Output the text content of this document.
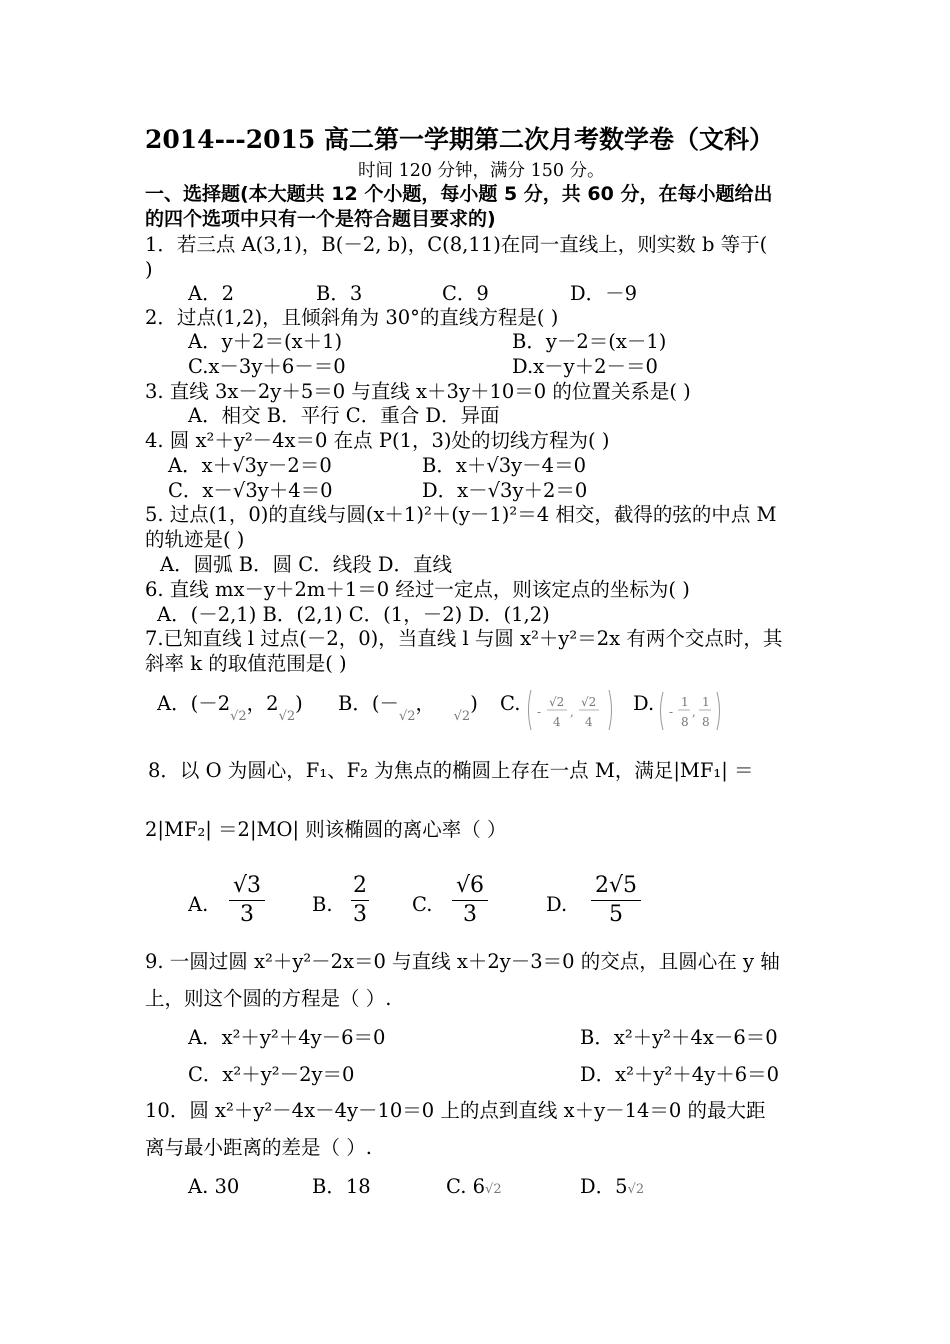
2014---2015 高二第一学期第二次月考数学卷（文科）
时间 120 分钟，满分 150 分。
一、选择题(本大题共 12 个小题，每小题 5 分，共 60 分，在每小题给出
的四个选项中只有一个是符合题目要求的)
1．若三点 A(3,1)，B(－2, b)，C(8,11)在同一直线上，则实数 b 等于(
)
A．2	B．3	C．9	D．－9
2．过点(1,2)，且倾斜角为 30°的直线方程是( )
A．y＋2＝(x＋1)	B．y－2＝(x－1)
C.x－3y＋6－＝0	D.x－y＋2－＝0
3. 直线 3x－2y＋5＝0 与直线 x＋3y＋10＝0 的位置关系是( )
A．相交 B．平行 C．重合 D．异面
4. 圆 x²＋y²－4x＝0 在点 P(1，3)处的切线方程为( )
A．x＋√3y－2＝0	B．x＋√3y－4＝0
C．x－√3y＋4＝0	D．x－√3y＋2＝0
5. 过点(1，0)的直线与圆(x＋1)²＋(y－1)²＝4 相交，截得的弦的中点 M
的轨迹是( )
A．圆弧 B．圆 C．线段 D．直线
6. 直线 mx－y＋2m＋1＝0 经过一定点，则该定点的坐标为( )
A．(－2,1) B．(2,1) C．(1，－2) D．(1,2)
7.已知直线 l 过点(－2，0)，当直线 l 与圆 x²＋y²＝2x 有两个交点时，其
斜率 k 的取值范围是( )
A．($-2_{√2}$，$2_{√2}$) B．($-_{√2}$，   $_{√2}$) C. -
√2
4
,
√2
4
D. -
1
8
,
1
8
8．以 O 为圆心，F₁、F₂ 为焦点的椭圆上存在一点 M，满足|MF₁| ＝
2|MF₂| ＝2|MO| 则该椭圆的离心率（ ）
A.
√3
3	B.
2
3	C.
√6
3	D.
2√5
5
9. 一圆过圆 x²＋y²－2x＝0 与直线 x＋2y－3＝0 的交点，且圆心在 y 轴
上，则这个圆的方程是（ ）.
A．x²＋y²＋4y－6＝0	B．x²＋y²＋4x－6＝0
C．x²＋y²－2y＝0	D．x²＋y²＋4y＋6＝0
10．圆 x²＋y²－4x－4y－10＝0 上的点到直线 x＋y－14＝0 的最大距
离与最小距离的差是（ ）.
A. 30	B．18	C. 6√2	D．5√2
